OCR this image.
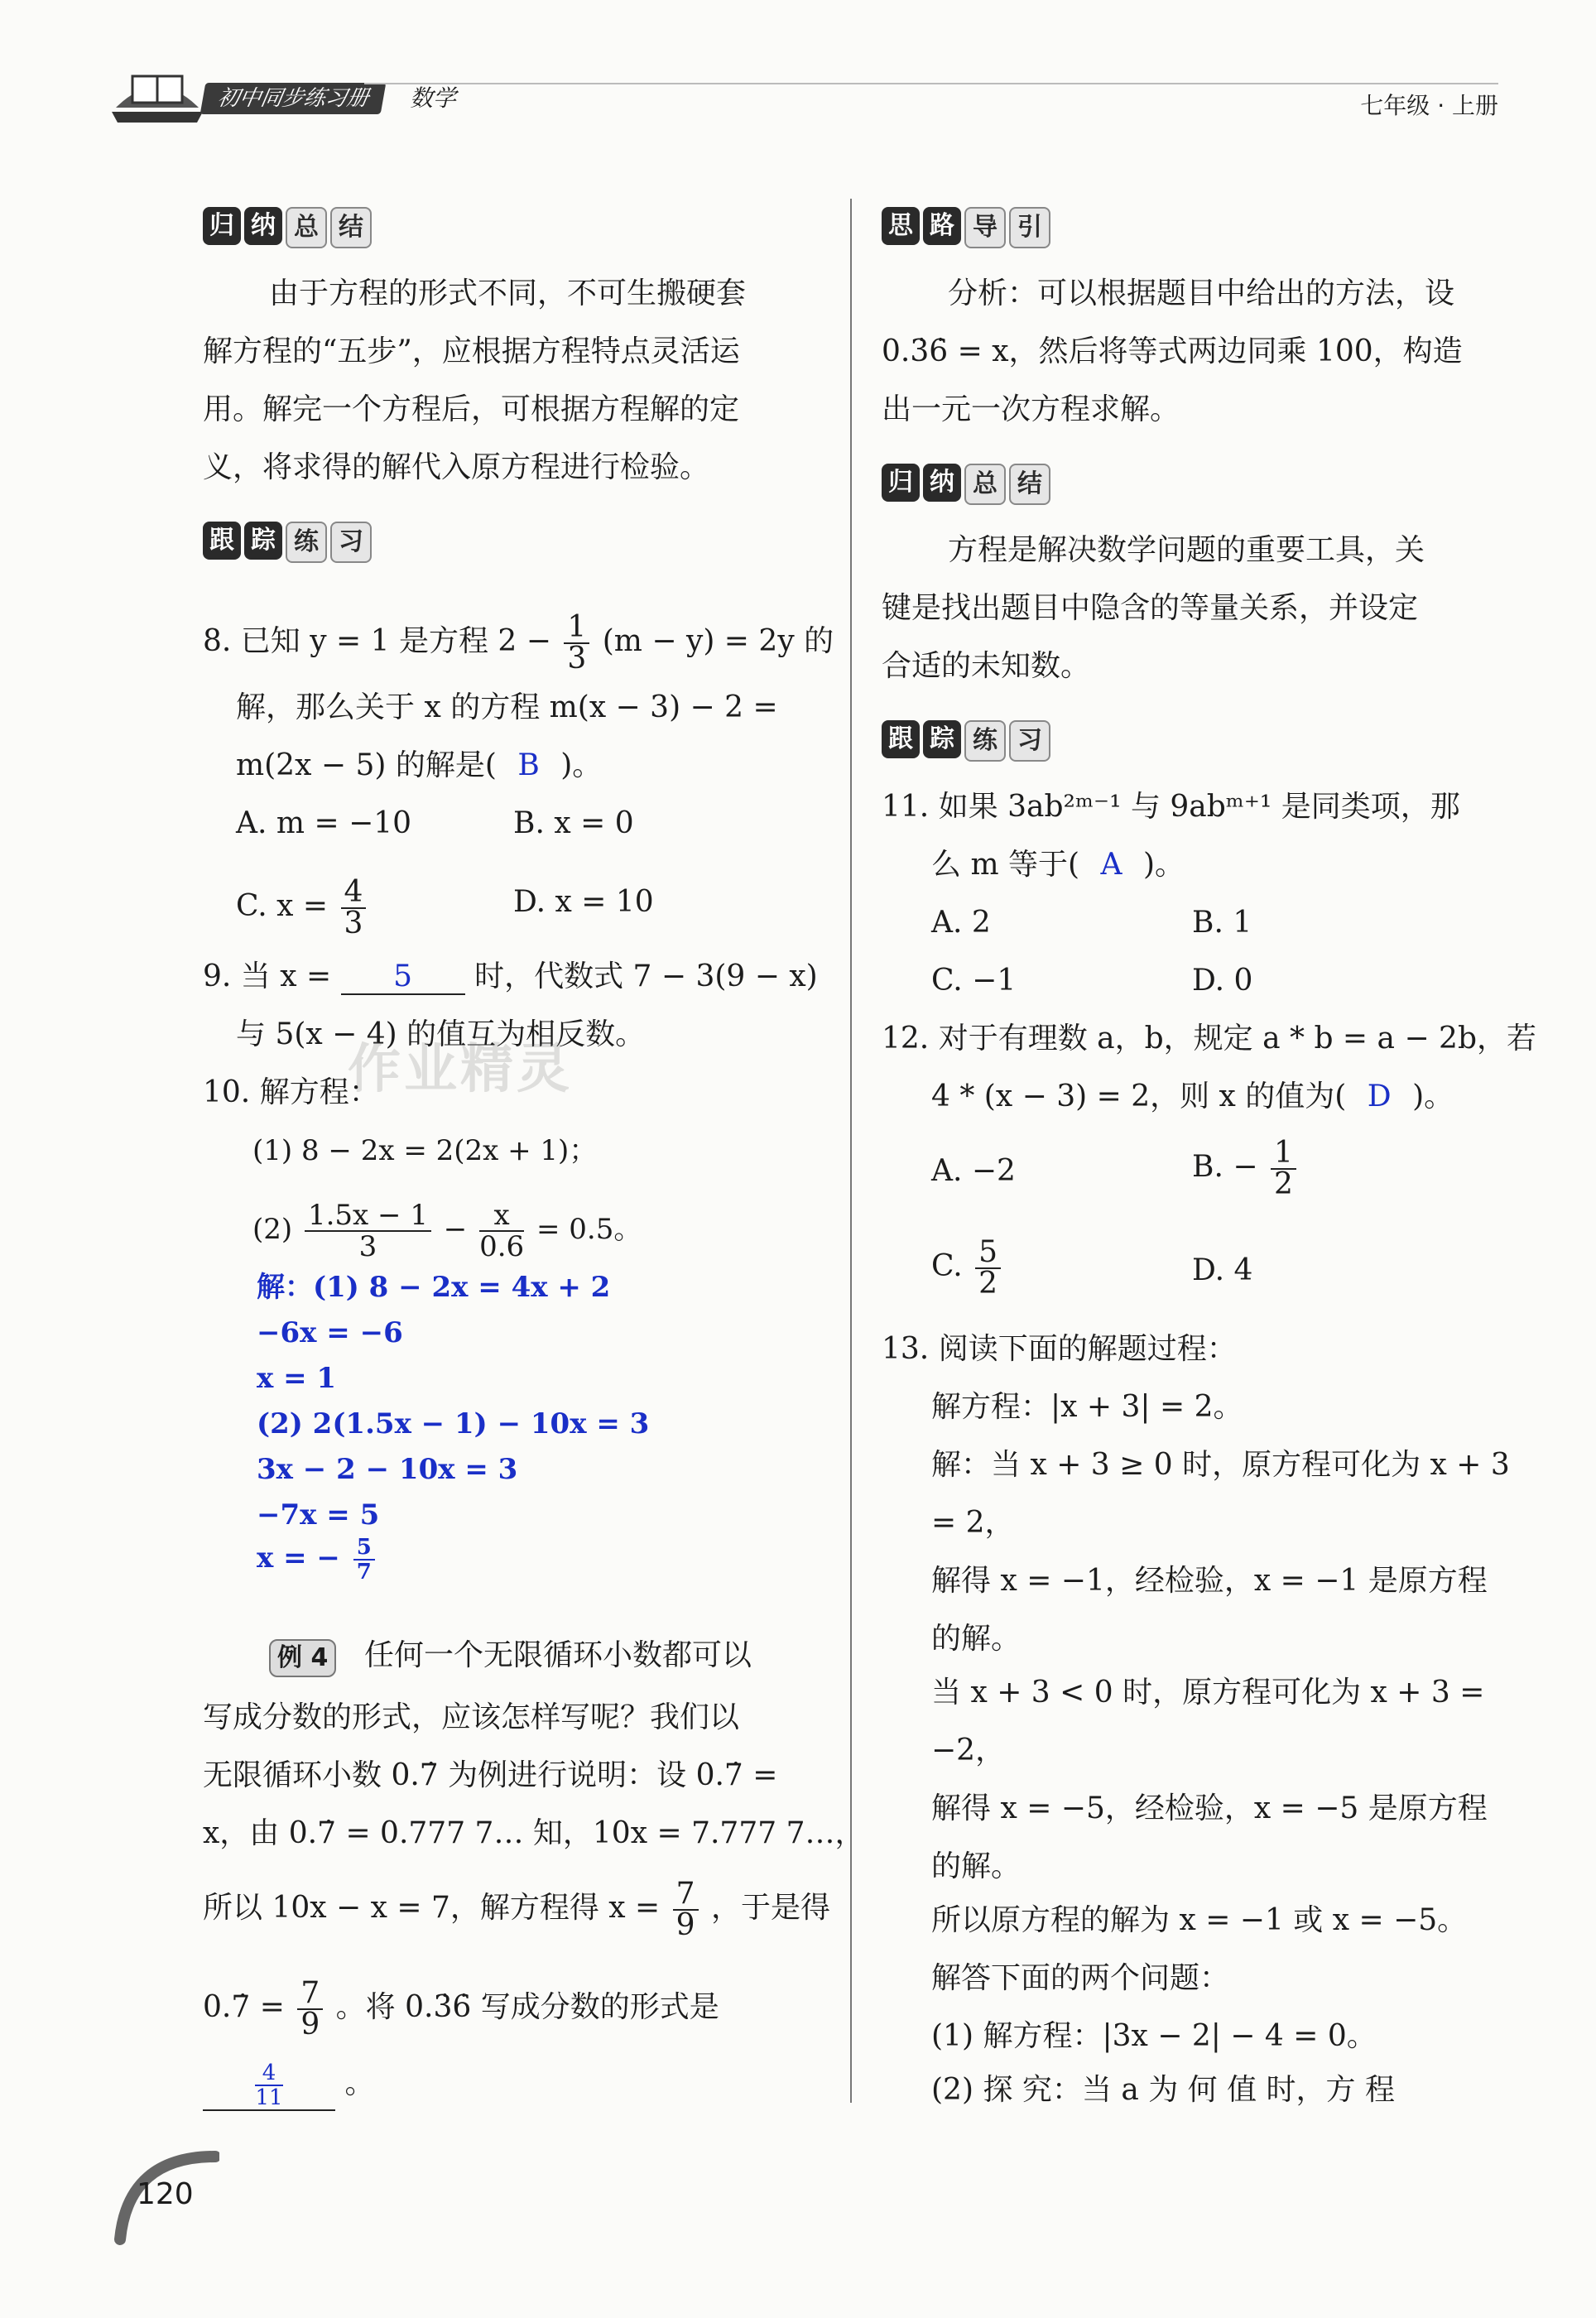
初中同步练习册	数学	七年级 · 上册
归 纳 总 结
由于方程的形式不同，不可生搬硬套
解方程的“五步”，应根据方程特点灵活运
用。解完一个方程后，可根据方程解的定
义，将求得的解代入原方程进行检验。
跟 踪 练 习
8. 已知 y = 1 是方程 $2 - \frac{1}{3} (m - y) = 2y$ 的
解，那么关于 x 的方程 m(x − 3) − 2 =
m(2x − 5) 的解是( B )。
A. m = −10	B. x = 0
C. $x = \frac{4}{3}$	D. x = 10
9. 当 x = 5 时，代数式 7 − 3(9 − x)
与 5(x − 4) 的值互为相反数。
作业精灵
10. 解方程：
(1) 8 − 2x = 2(2x + 1)；
$(2) \frac{1.5x - 1}{3} - \frac{x}{0.6} = 0.5$。
解：(1) 8 − 2x = 4x + 2
−6x = −6
x = 1
(2) 2(1.5x − 1) − 10x = 3
3x − 2 − 10x = 3
−7x = 5
x = − $\frac{5}{7}$
例 4 任何一个无限循环小数都可以
写成分数的形式，应该怎样写呢？我们以
无限循环小数 0.7̇ 为例进行说明：设 0.7̇ =
x，由 0.7̇ = 0.777 7… 知，10x = 7.777 7…，
所以 10x − x = 7，解方程得 $x = \frac{7}{9}$ ，于是得
0.7̇ = $\frac{7}{9}$ 。将 0.3̇6̇ 写成分数的形式是
$\frac{4}{11}$ 。
思 路 导 引
分析：可以根据题目中给出的方法，设
0.3̇6̇ = x，然后将等式两边同乘 100，构造
出一元一次方程求解。
归 纳 总 结
方程是解决数学问题的重要工具，关
键是找出题目中隐含的等量关系，并设定
合适的未知数。
跟 踪 练 习
11. 如果 3ab²ᵐ⁻¹ 与 9abᵐ⁺¹ 是同类项，那
么 m 等于( A )。
A. 2	B. 1
C. −1	D. 0
12. 对于有理数 a，b，规定 a * b = a − 2b，若
4 * (x − 3) = 2，则 x 的值为( D )。
A. −2	B. − $\frac{1}{2}$
C. $\frac{5}{2}$	D. 4
13. 阅读下面的解题过程：
解方程：|x + 3| = 2。
解：当 x + 3 ≥ 0 时，原方程可化为 x + 3
= 2，
解得 x = −1，经检验，x = −1 是原方程
的解。
当 x + 3 < 0 时，原方程可化为 x + 3 =
−2，
解得 x = −5，经检验，x = −5 是原方程
的解。
所以原方程的解为 x = −1 或 x = −5。
解答下面的两个问题：
(1) 解方程：|3x − 2| − 4 = 0。
(2) 探 究：当 a 为 何 值 时，方 程
120
